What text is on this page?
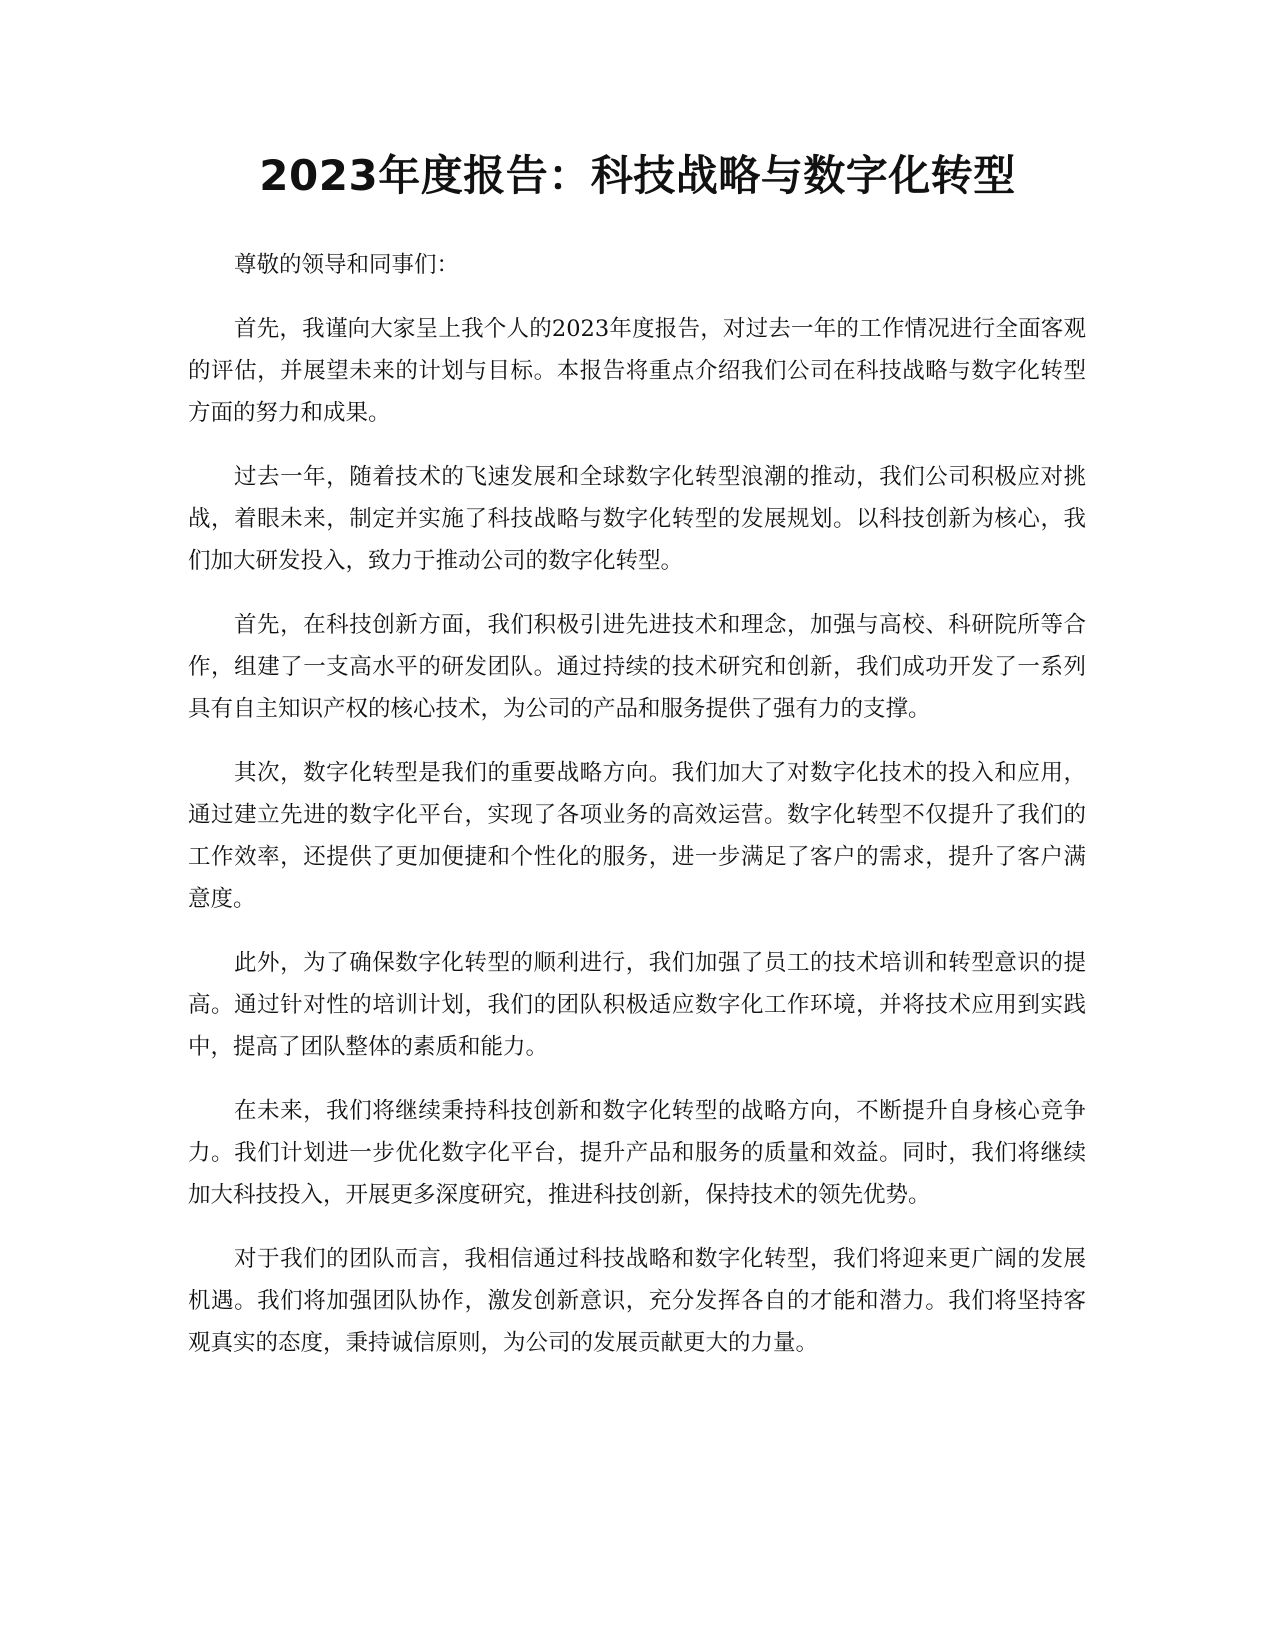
2023年度报告：科技战略与数字化转型

尊敬的领导和同事们：

首先，我谨向大家呈上我个人的2023年度报告，对过去一年的工作情况进行全面客观的评估，并展望未来的计划与目标。本报告将重点介绍我们公司在科技战略与数字化转型方面的努力和成果。

过去一年，随着技术的飞速发展和全球数字化转型浪潮的推动，我们公司积极应对挑战，着眼未来，制定并实施了科技战略与数字化转型的发展规划。以科技创新为核心，我们加大研发投入，致力于推动公司的数字化转型。

首先，在科技创新方面，我们积极引进先进技术和理念，加强与高校、科研院所等合作，组建了一支高水平的研发团队。通过持续的技术研究和创新，我们成功开发了一系列具有自主知识产权的核心技术，为公司的产品和服务提供了强有力的支撑。

其次，数字化转型是我们的重要战略方向。我们加大了对数字化技术的投入和应用，通过建立先进的数字化平台，实现了各项业务的高效运营。数字化转型不仅提升了我们的工作效率，还提供了更加便捷和个性化的服务，进一步满足了客户的需求，提升了客户满意度。

此外，为了确保数字化转型的顺利进行，我们加强了员工的技术培训和转型意识的提高。通过针对性的培训计划，我们的团队积极适应数字化工作环境，并将技术应用到实践中，提高了团队整体的素质和能力。

在未来，我们将继续秉持科技创新和数字化转型的战略方向，不断提升自身核心竞争力。我们计划进一步优化数字化平台，提升产品和服务的质量和效益。同时，我们将继续加大科技投入，开展更多深度研究，推进科技创新，保持技术的领先优势。

对于我们的团队而言，我相信通过科技战略和数字化转型，我们将迎来更广阔的发展机遇。我们将加强团队协作，激发创新意识，充分发挥各自的才能和潜力。我们将坚持客观真实的态度，秉持诚信原则，为公司的发展贡献更大的力量。
